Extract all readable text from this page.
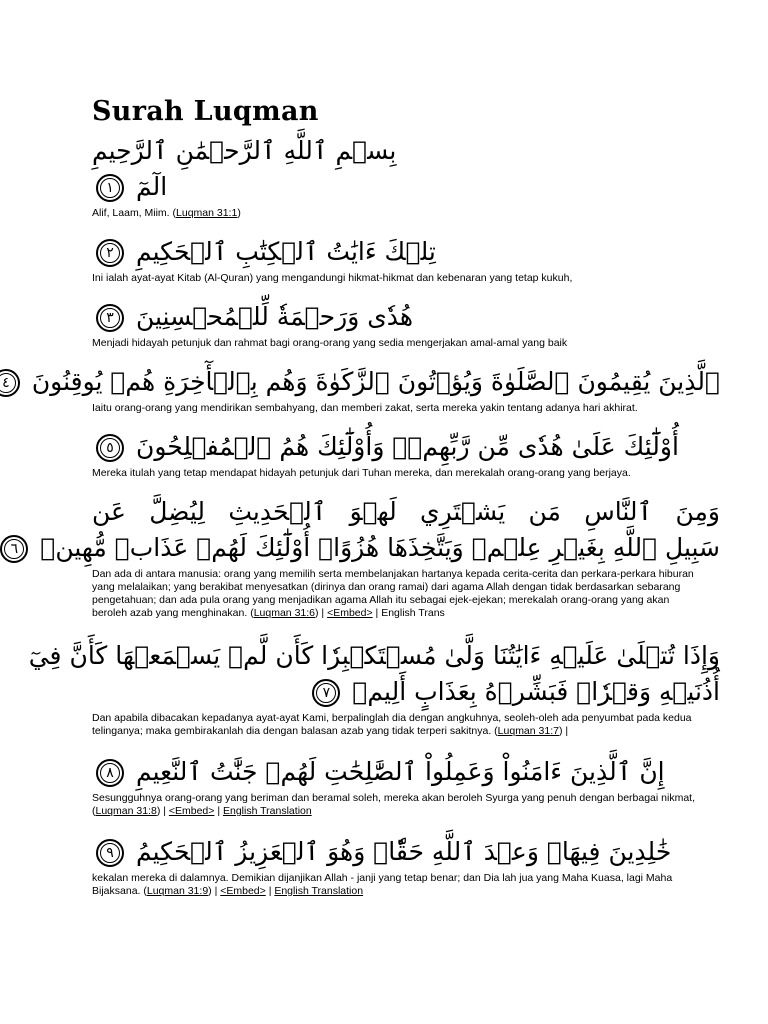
Surah Luqman
بِسۡمِ ٱللَّهِ ٱلرَّحۡمَٰنِ ٱلرَّحِيمِ
الٓمٓ ١
Alif, Laam, Miim. (Luqman 31:1)
تِلۡكَ ءَايَٰتُ ٱلۡكِتَٰبِ ٱلۡحَكِيمِ ٢
Ini ialah ayat-ayat Kitab (Al-Quran) yang mengandungi hikmat-hikmat dan kebenaran yang tetap kukuh,
هُدٗى وَرَحۡمَةٗ لِّلۡمُحۡسِنِينَ ٣
Menjadi hidayah petunjuk dan rahmat bagi orang-orang yang sedia mengerjakan amal-amal yang baik
ٱلَّذِينَ يُقِيمُونَ ٱلصَّلَوٰةَ وَيُؤۡتُونَ ٱلزَّكَوٰةَ وَهُم بِٱلۡأٓخِرَةِ هُمۡ يُوقِنُونَ ٤
Iaitu orang-orang yang mendirikan sembahyang, dan memberi zakat, serta mereka yakin tentang adanya hari akhirat.
أُوْلَٰٓئِكَ عَلَىٰ هُدٗى مِّن رَّبِّهِمۡۖ وَأُوْلَٰٓئِكَ هُمُ ٱلۡمُفۡلِحُونَ ٥
Mereka itulah yang tetap mendapat hidayah petunjuk dari Tuhan mereka, dan merekalah orang-orang yang berjaya.
وَمِنَ ٱلنَّاسِ مَن يَشۡتَرِي لَهۡوَ ٱلۡحَدِيثِ لِيُضِلَّ عَن
سَبِيلِ ٱللَّهِ بِغَيۡرِ عِلۡمٖ وَيَتَّخِذَهَا هُزُوًاۚ أُوْلَٰٓئِكَ لَهُمۡ عَذَابٞ مُّهِينٞ ٦
Dan ada di antara manusia: orang yang memilih serta membelanjakan hartanya kepada cerita-cerita dan perkara-perkara hiburan yang melalaikan; yang berakibat menyesatkan (dirinya dan orang ramai) dari agama Allah dengan tidak berdasarkan sebarang pengetahuan; dan ada pula orang yang menjadikan agama Allah itu sebagai ejek-ejekan; merekalah orang-orang yang akan beroleh azab yang menghinakan. (Luqman 31:6) | <Embed> | English Trans
وَإِذَا تُتۡلَىٰ عَلَيۡهِ ءَايَٰتُنَا وَلَّىٰ مُسۡتَكۡبِرٗا كَأَن لَّمۡ يَسۡمَعۡهَا كَأَنَّ فِيٓ
أُذُنَيۡهِ وَقۡرٗاۖ فَبَشِّرۡهُ بِعَذَابٍ أَلِيمٖ ٧
Dan apabila dibacakan kepadanya ayat-ayat Kami, berpalinglah dia dengan angkuhnya, seoleh-oleh ada penyumbat pada kedua telinganya; maka gembirakanlah dia dengan balasan azab yang tidak terperi sakitnya. (Luqman 31:7) |
إِنَّ ٱلَّذِينَ ءَامَنُواْ وَعَمِلُواْ ٱلصَّٰلِحَٰتِ لَهُمۡ جَنَّٰتُ ٱلنَّعِيمِ ٨
Sesungguhnya orang-orang yang beriman dan beramal soleh, mereka akan beroleh Syurga yang penuh dengan berbagai nikmat, (Luqman 31:8) | <Embed> | English Translation
خَٰلِدِينَ فِيهَاۖ وَعۡدَ ٱللَّهِ حَقّٗاۚ وَهُوَ ٱلۡعَزِيزُ ٱلۡحَكِيمُ ٩
kekalan mereka di dalamnya. Demikian dijanjikan Allah - janji yang tetap benar; dan Dia lah jua yang Maha Kuasa, lagi Maha Bijaksana. (Luqman 31:9) | <Embed> | English Translation
